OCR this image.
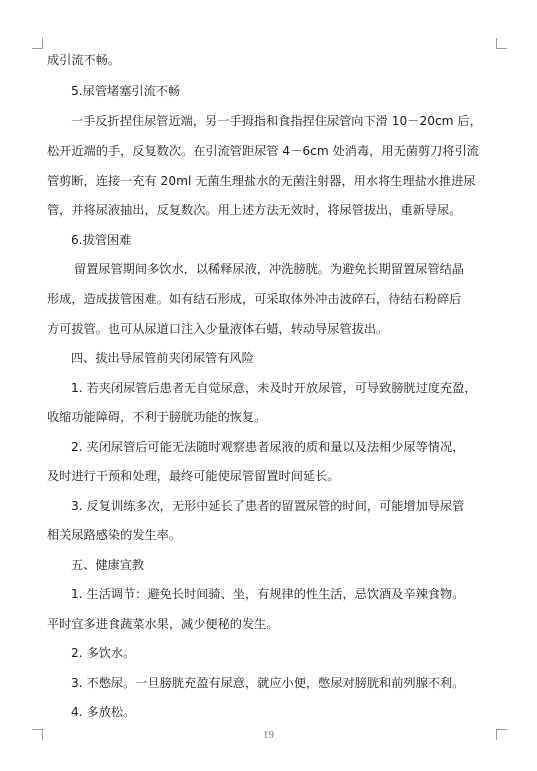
成引流不畅。
5.尿管堵塞引流不畅
一手反折捏住尿管近端，另一手拇指和食指捏住尿管向下滑 10－20cm 后，
松开近端的手，反复数次。在引流管距尿管 4－6cm 处消毒，用无菌剪刀将引流
管剪断，连接一充有 20ml 无菌生理盐水的无菌注射器，用水将生理盐水推进尿
管，并将尿液抽出，反复数次。用上述方法无效时，将尿管拔出，重新导尿。
6.拔管困难
留置尿管期间多饮水，以稀释尿液，冲洗膀胱。为避免长期留置尿管结晶
形成，造成拔管困难。如有结石形成，可采取体外冲击波碎石，待结石粉碎后
方可拔管。也可从尿道口注入少量液体石蜡，转动导尿管拔出。
四、拔出导尿管前夹闭尿管有风险
1. 若夹闭尿管后患者无自觉尿意，未及时开放尿管，可导致膀胱过度充盈，
收缩功能障碍，不利于膀胱功能的恢复。
2. 夹闭尿管后可能无法随时观察患者尿液的质和量以及法相少尿等情况，
及时进行干预和处理，最终可能使尿管留置时间延长。
3. 反复训练多次，无形中延长了患者的留置尿管的时间，可能增加导尿管
相关尿路感染的发生率。
五、健康宣教
1. 生活调节：避免长时间骑、坐，有规律的性生活，忌饮酒及辛辣食物。
平时宜多进食蔬菜水果，减少便秘的发生。
2. 多饮水。
3. 不憋尿。一旦膀胱充盈有尿意，就应小便，憋尿对膀胱和前列腺不利。
4. 多放松。
19
